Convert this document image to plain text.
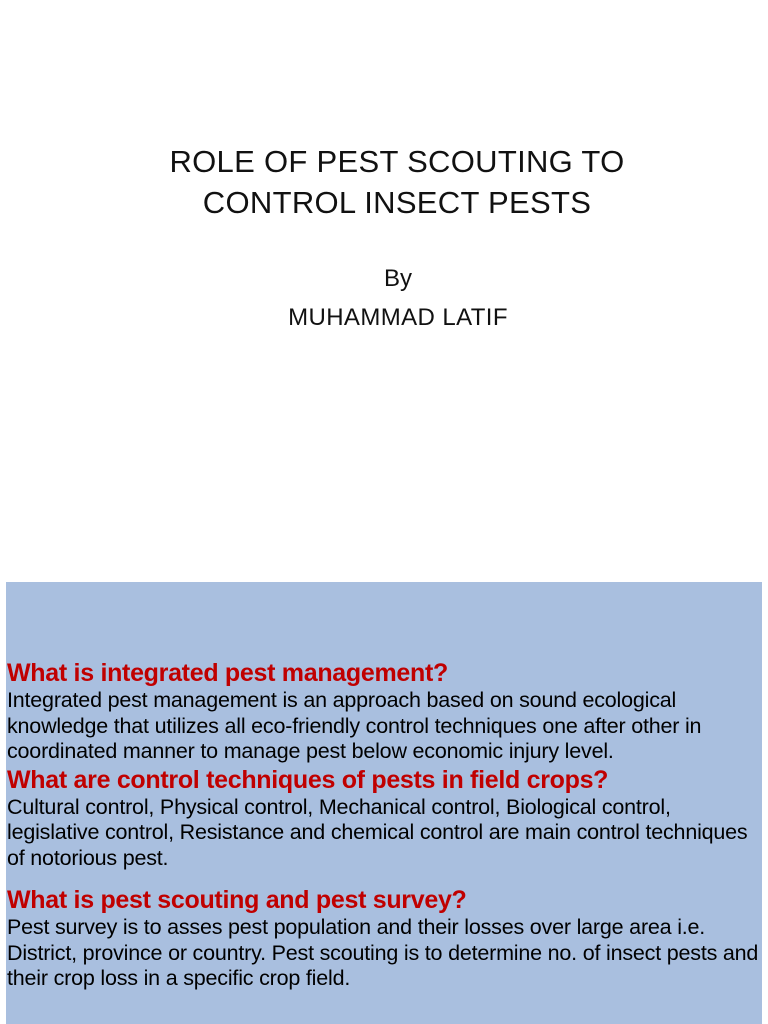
ROLE OF PEST SCOUTING TO
CONTROL INSECT PESTS
By
MUHAMMAD LATIF

What is integrated pest management?

Integrated pest management is an approach based on sound ecological knowledge that utilizes all eco-friendly control techniques one after other in coordinated manner to manage pest below economic injury level.

What are control techniques of pests in field crops?

Cultural control, Physical control, Mechanical control, Biological control, legislative control, Resistance and chemical control are main control techniques of notorious pest.

What is pest scouting and pest survey?

Pest survey is to asses pest population and their losses over large area i.e. District, province or country. Pest scouting is to determine no. of insect pests and their crop loss in a specific crop field.
